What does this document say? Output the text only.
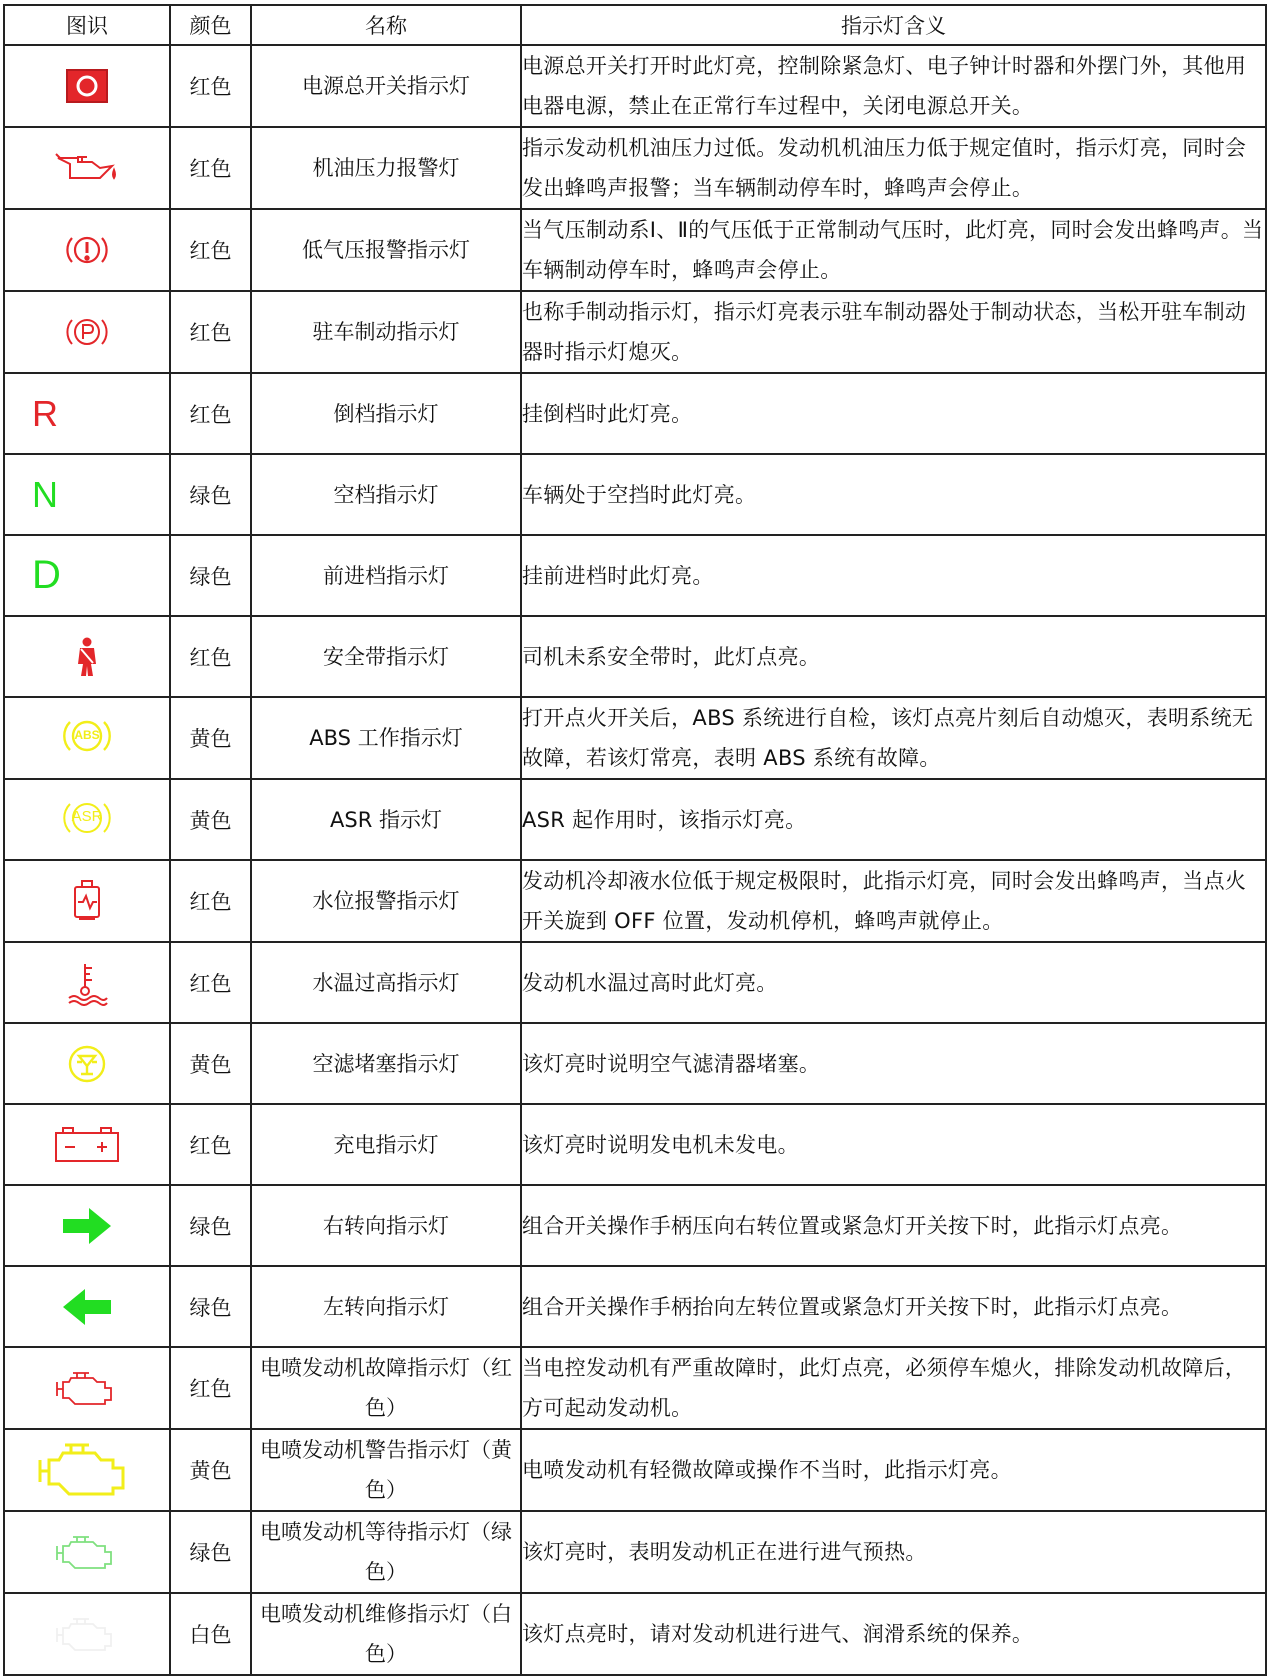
图识	颜色	名称	指示灯含义

	红色	电源总开关指示灯	电源总开关打开时此灯亮，控制除紧急灯、电子钟计时器和外摆门外，其他用电器电源，禁止在正常行车过程中，关闭电源总开关。

	红色	机油压力报警灯	指示发动机机油压力过低。发动机机油压力低于规定值时，指示灯亮，同时会发出蜂鸣声报警；当车辆制动停车时，蜂鸣声会停止。

	红色	低气压报警指示灯	当气压制动系Ⅰ、Ⅱ的气压低于正常制动气压时，此灯亮，同时会发出蜂鸣声。当车辆制动停车时，蜂鸣声会停止。

	红色	驻车制动指示灯	也称手制动指示灯，指示灯亮表示驻车制动器处于制动状态，当松开驻车制动器时指示灯熄灭。
R	红色	倒档指示灯	挂倒档时此灯亮。
N	绿色	空档指示灯	车辆处于空挡时此灯亮。
D	绿色	前进档指示灯	挂前进档时此灯亮。

	红色	安全带指示灯	司机未系安全带时，此灯点亮。

ABS	黄色	ABS 工作指示灯	打开点火开关后，ABS 系统进行自检，该灯点亮片刻后自动熄灭，表明系统无故障，若该灯常亮，表明 ABS 系统有故障。

ASR	黄色	ASR 指示灯	ASR 起作用时，该指示灯亮。

	红色	水位报警指示灯	发动机冷却液水位低于规定极限时，此指示灯亮，同时会发出蜂鸣声，当点火开关旋到 OFF 位置，发动机停机，蜂鸣声就停止。

	红色	水温过高指示灯	发动机水温过高时此灯亮。

	黄色	空滤堵塞指示灯	该灯亮时说明空气滤清器堵塞。

	红色	充电指示灯	该灯亮时说明发电机未发电。

	绿色	右转向指示灯	组合开关操作手柄压向右转位置或紧急灯开关按下时，此指示灯点亮。

	绿色	左转向指示灯	组合开关操作手柄抬向左转位置或紧急灯开关按下时，此指示灯点亮。

	红色	电喷发动机故障指示灯（红色）	当电控发动机有严重故障时，此灯点亮，必须停车熄火，排除发动机故障后，方可起动发动机。

	黄色	电喷发动机警告指示灯（黄色）	电喷发动机有轻微故障或操作不当时，此指示灯亮。

	绿色	电喷发动机等待指示灯（绿色）	该灯亮时，表明发动机正在进行进气预热。

	白色	电喷发动机维修指示灯（白色）	该灯点亮时，请对发动机进行进气、润滑系统的保养。
